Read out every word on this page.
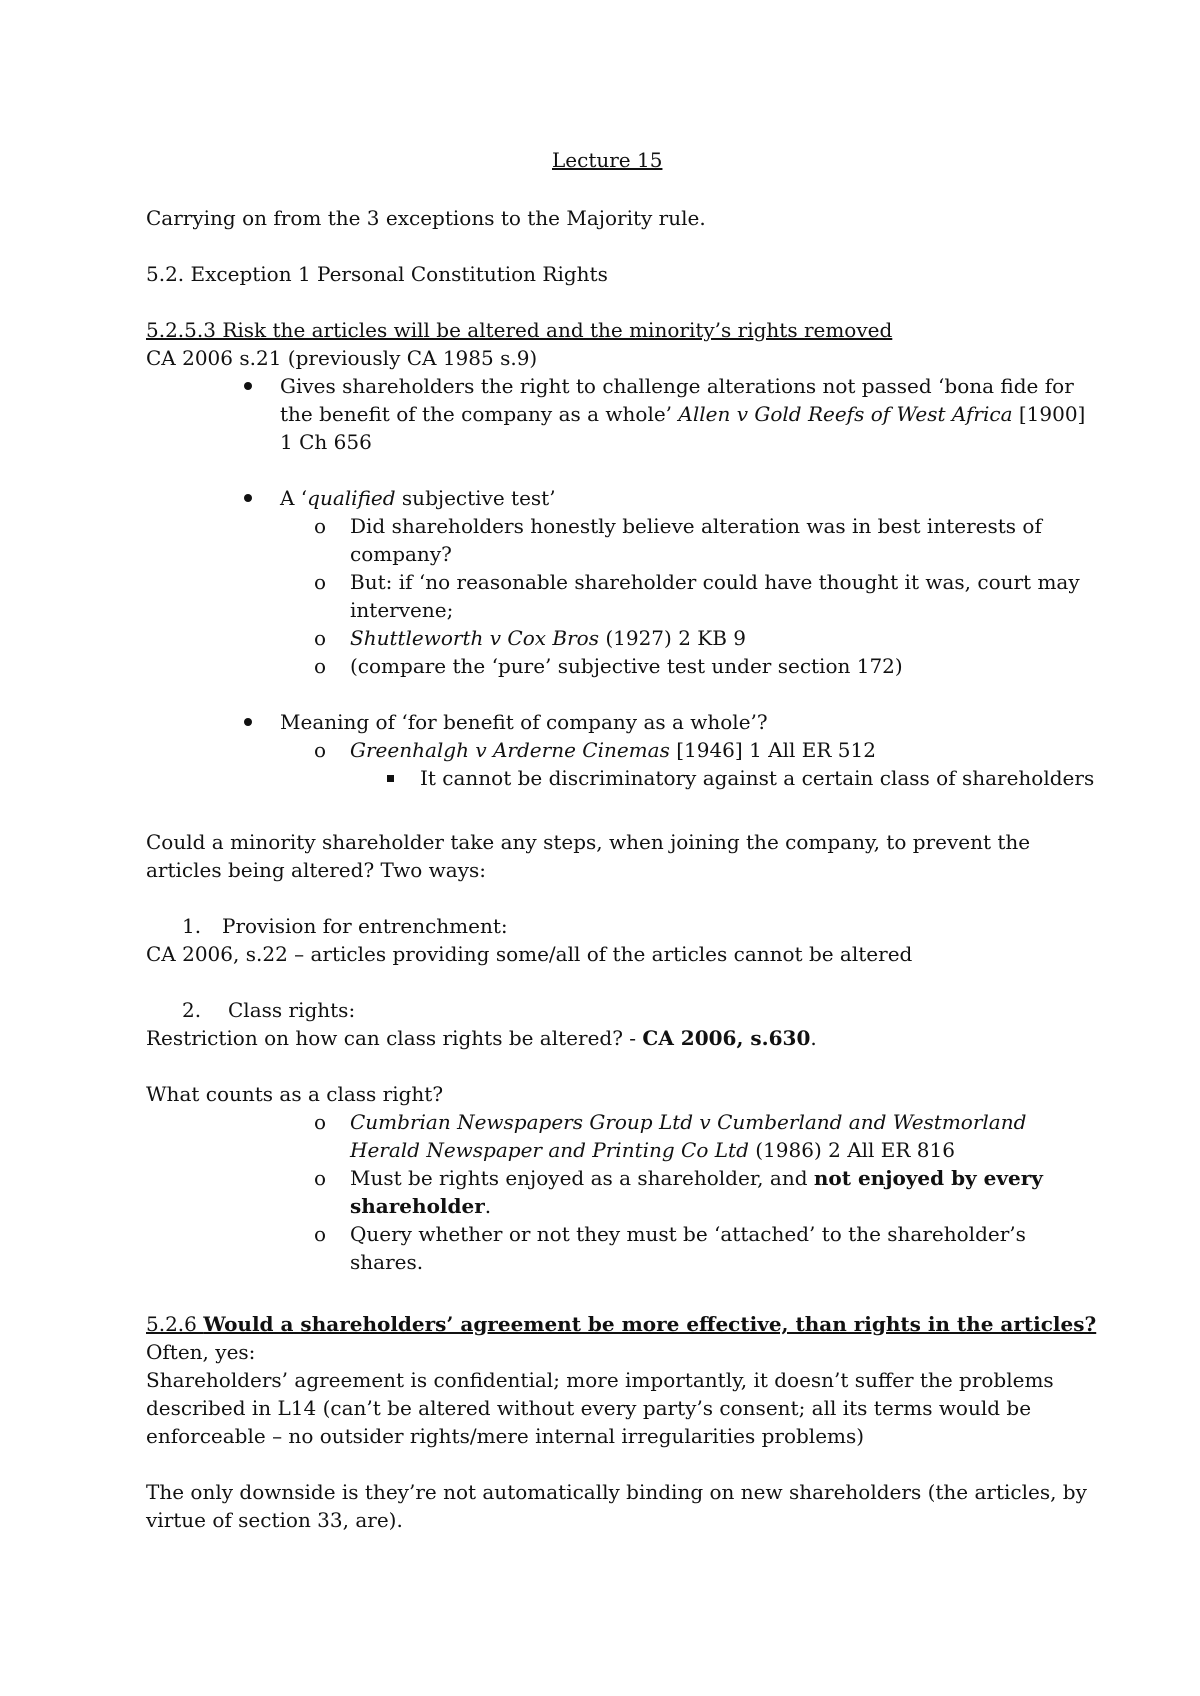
Lecture 15
Carrying on from the 3 exceptions to the Majority rule.
5.2. Exception 1 Personal Constitution Rights
5.2.5.3 Risk the articles will be altered and the minority’s rights removed
CA 2006 s.21 (previously CA 1985 s.9)
Gives shareholders the right to challenge alterations not passed ‘bona fide for
the benefit of the company as a whole’ Allen v Gold Reefs of West Africa [1900]
1 Ch 656
A ‘qualified subjective test’
o Did shareholders honestly believe alteration was in best interests of
company?
o But: if ‘no reasonable shareholder could have thought it was, court may
intervene;
o Shuttleworth v Cox Bros (1927) 2 KB 9
o (compare the ‘pure’ subjective test under section 172)
Meaning of ‘for benefit of company as a whole’?
o Greenhalgh v Arderne Cinemas [1946] 1 All ER 512
It cannot be discriminatory against a certain class of shareholders
Could a minority shareholder take any steps, when joining the company, to prevent the
articles being altered? Two ways:
1. Provision for entrenchment:
CA 2006, s.22 – articles providing some/all of the articles cannot be altered
2. Class rights:
Restriction on how can class rights be altered? - CA 2006, s.630.
What counts as a class right?
o Cumbrian Newspapers Group Ltd v Cumberland and Westmorland
Herald Newspaper and Printing Co Ltd (1986) 2 All ER 816
o Must be rights enjoyed as a shareholder, and not enjoyed by every
shareholder.
o Query whether or not they must be ‘attached’ to the shareholder’s
shares.
5.2.6 Would a shareholders’ agreement be more effective, than rights in the articles?
Often, yes:
Shareholders’ agreement is confidential; more importantly, it doesn’t suffer the problems
described in L14 (can’t be altered without every party’s consent; all its terms would be
enforceable – no outsider rights/mere internal irregularities problems)
The only downside is they’re not automatically binding on new shareholders (the articles, by
virtue of section 33, are).
